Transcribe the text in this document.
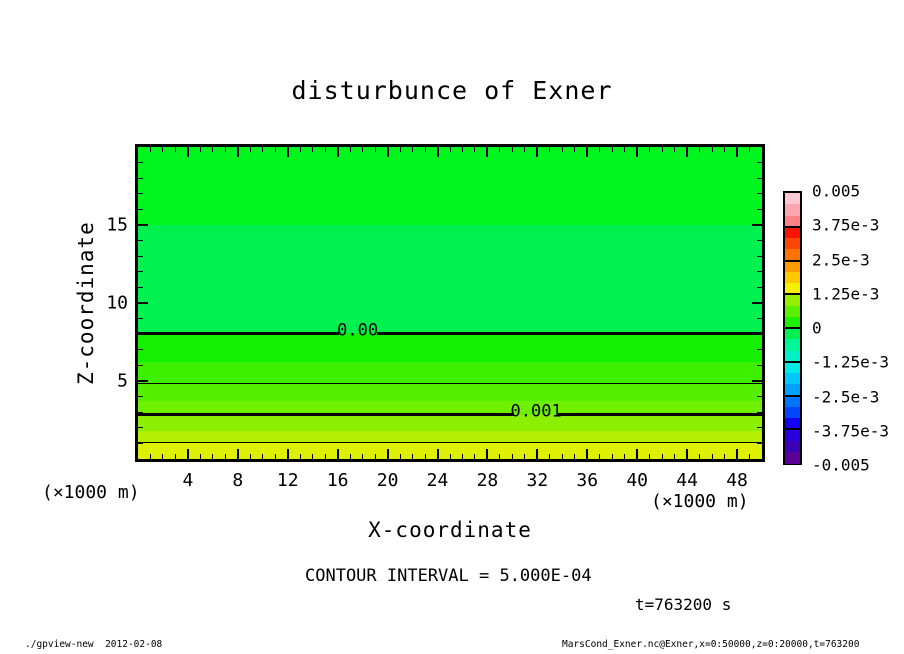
disturbunce of Exner
Z-coordinate	0.00
0.001
(×1000 m)	(×1000 m)
X-coordinate
CONTOUR INTERVAL = 5.000E-04
t=763200 s
./gpview-new  2012-02-08	MarsCond_Exner.nc@Exner,x=0:50000,z=0:20000,t=763200
4 8 12 16 20 24 28 32 36 40 44 48
5
10
15
0.005
3.75e-3
2.5e-3
1.25e-3
0
-1.25e-3
-2.5e-3
-3.75e-3
-0.005
